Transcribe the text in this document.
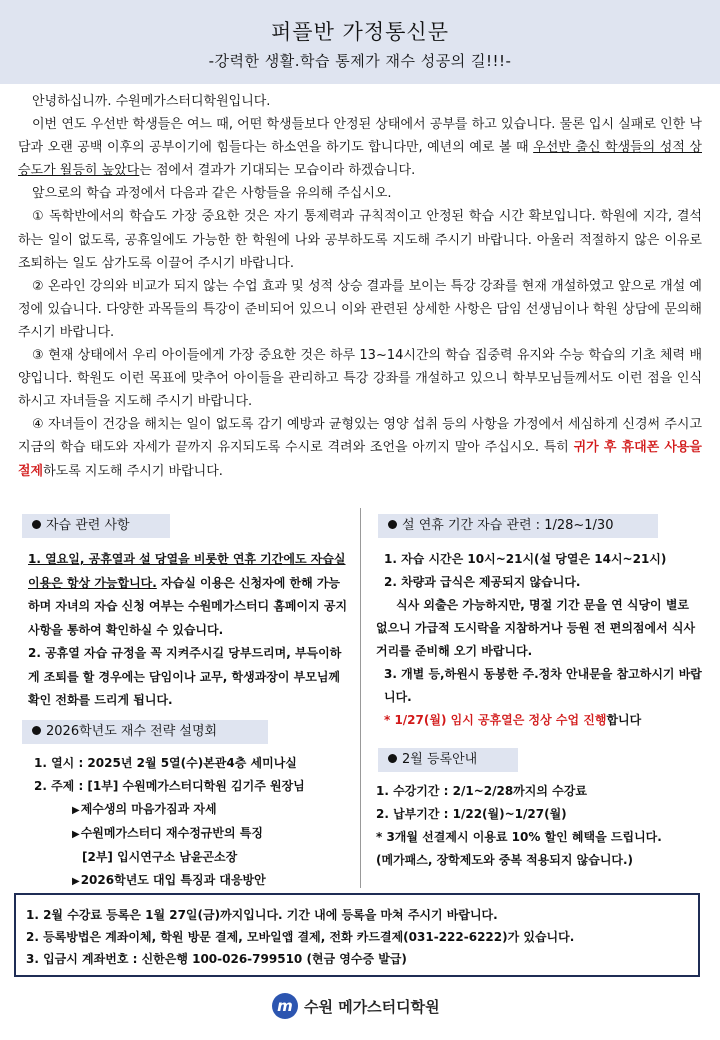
퍼플반 가정통신문
-강력한 생활.학습 통제가 재수 성공의 길!!!-

안녕하십니까. 수원메가스터디학원입니다.

이번 연도 우선반 학생들은 여느 때, 어떤 학생들보다 안정된 상태에서 공부를 하고 있습니다. 물론 입시 실패로 인한 낙담과 오랜 공백 이후의 공부이기에 힘들다는 하소연을 하기도 합니다만, 예년의 예로 볼 때 우선반 출신 학생들의 성적 상승도가 월등히 높았다는 점에서 결과가 기대되는 모습이라 하겠습니다.

앞으로의 학습 과정에서 다음과 같은 사항들을 유의해 주십시오.

① 독학반에서의 학습도 가장 중요한 것은 자기 통제력과 규칙적이고 안정된 학습 시간 확보입니다. 학원에 지각, 결석하는 일이 없도록, 공휴일에도 가능한 한 학원에 나와 공부하도록 지도해 주시기 바랍니다. 아울러 적절하지 않은 이유로 조퇴하는 일도 삼가도록 이끌어 주시기 바랍니다.

② 온라인 강의와 비교가 되지 않는 수업 효과 및 성적 상승 결과를 보이는 특강 강좌를 현재 개설하였고 앞으로 개설 예정에 있습니다. 다양한 과목들의 특강이 준비되어 있으니 이와 관련된 상세한 사항은 담임 선생님이나 학원 상담에 문의해 주시기 바랍니다.

③ 현재 상태에서 우리 아이들에게 가장 중요한 것은 하루 13~14시간의 학습 집중력 유지와 수능 학습의 기초 체력 배양입니다. 학원도 이런 목표에 맞추어 아이들을 관리하고 특강 강좌를 개설하고 있으니 학부모님들께서도 이런 점을 인식하시고 자녀들을 지도해 주시기 바랍니다.

④ 자녀들이 건강을 해치는 일이 없도록 감기 예방과 균형있는 영양 섭취 등의 사항을 가정에서 세심하게 신경써 주시고 지금의 학습 태도와 자세가 끝까지 유지되도록 수시로 격려와 조언을 아끼지 말아 주십시오. 특히 귀가 후 휴대폰 사용을 절제하도록 지도해 주시기 바랍니다.

자습 관련 사항

1. 열요일, 공휴열과 설 당열을 비롯한 연휴 기간에도 자습실 이용은 항상 가능합니다. 자습실 이용은 신청자에 한해 가능하며 자녀의 자습 신청 여부는 수원메가스터디 홈페이지 공지 사항을 통하여 확인하실 수 있습니다.

2. 공휴열 자습 규정을 꼭 지켜주시길 당부드리며, 부득이하게 조퇴를 할 경우에는 담임이나 교무, 학생과장이 부모님께 확인 전화를 드리게 됩니다.

2026학년도 재수 전략 설명회

1. 열시 : 2025년 2월 5열(수)본관4층 세미나실

2. 주제 : [1부] 수원메가스터디학원 김기주 원장님

▶ 제수생의 마음가짐과 자세

▶ 수원메가스터디 재수정규반의 특징

[2부] 입시연구소 남윤곤소장

▶ 2026학년도 대입 특징과 대응방안

설 연휴 기간 자습 관련 : 1/28~1/30

1. 자습 시간은 10시~21시(설 당열은 14시~21시)

2. 차량과 급식은 제공되지 않습니다.

식사 외출은 가능하지만, 명절 기간 문을 연 식당이 별로 없으니 가급적 도시락을 지참하거나 등원 전 편의점에서 식사거리를 준비해 오기 바랍니다.

3. 개별 등,하원시 동봉한 주.정차 안내문을 참고하시기 바랍니다.

* 1/27(월) 임시 공휴열은 정상 수업 진행합니다

2월 등록안내

1. 수강기간 : 2/1~2/28까지의 수강료

2. 납부기간 : 1/22(월)~1/27(월)

* 3개월 선결제시 이용료 10% 할인 혜택을 드립니다.

(메가패스, 장학제도와 중복 적용되지 않습니다.)

1. 2월 수강료 등록은 1월 27일(금)까지입니다. 기간 내에 등록을 마쳐 주시기 바랍니다.

2. 등록방법은 계좌이체, 학원 방문 결제, 모바일앱 결제, 전화 카드결제(031-222-6222)가 있습니다.

3. 입금시 계좌번호 : 신한은행 100-026-799510 (현금 영수증 발급)

m 수원 메가스터디학원
